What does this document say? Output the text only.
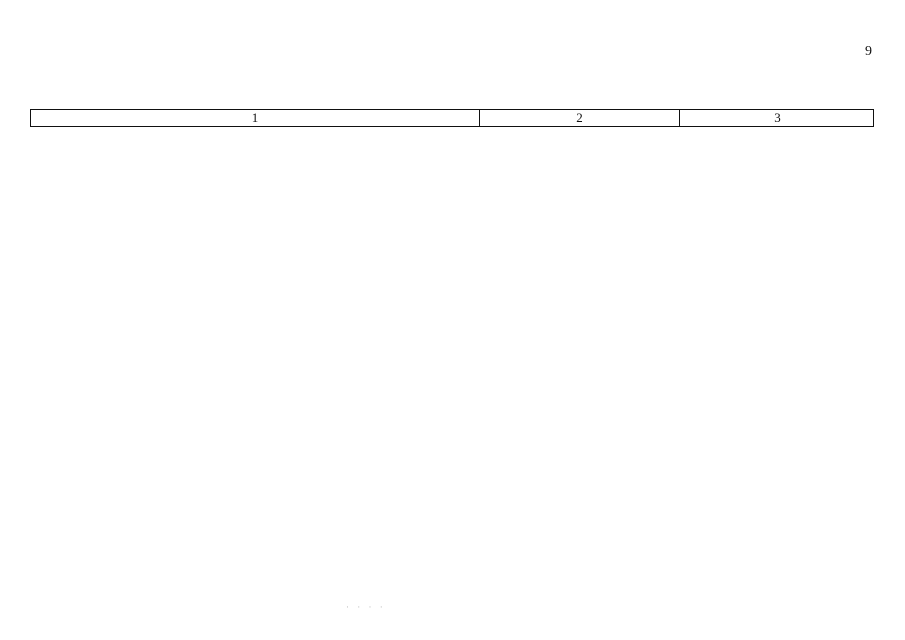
9
1	2	3
· · · ·
